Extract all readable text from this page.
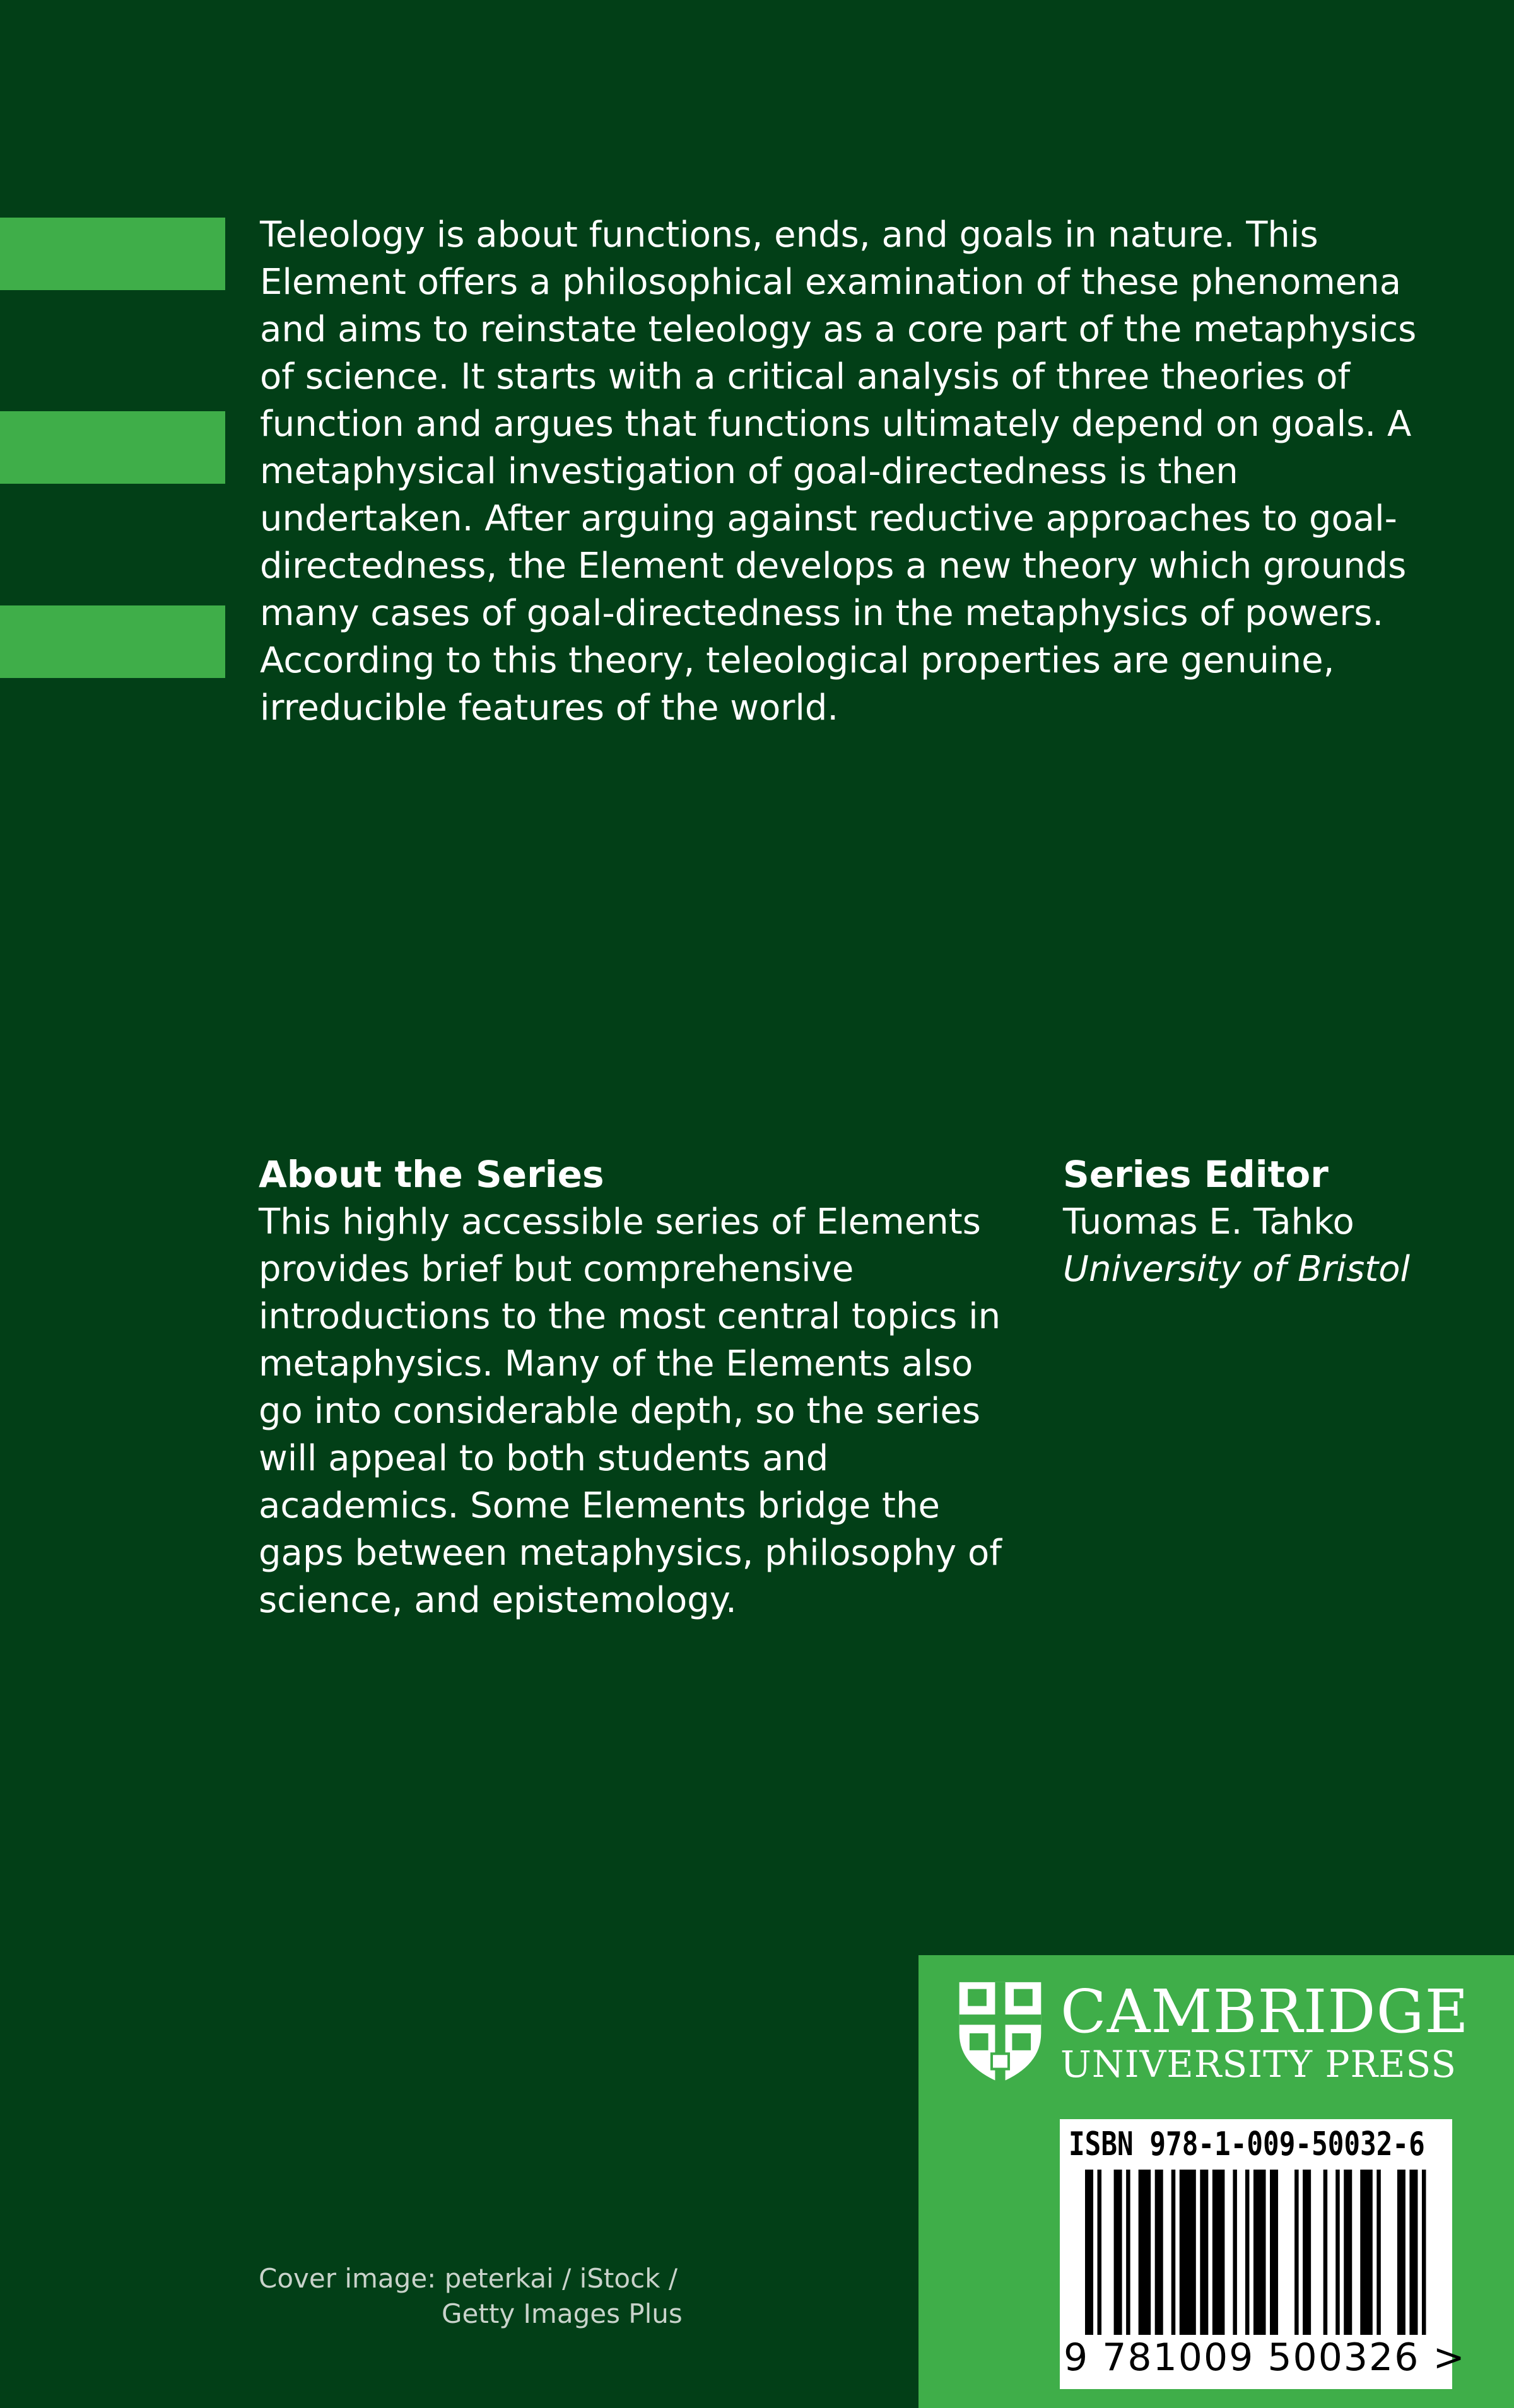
Teleology is about functions, ends, and goals in nature. This Element offers a philosophical examination of these phenomena and aims to reinstate teleology as a core part of the metaphysics of science. It starts with a critical analysis of three theories of function and argues that functions ultimately depend on goals. A metaphysical investigation of goal-directedness is then undertaken. After arguing against reductive approaches to goal-directedness, the Element develops a new theory which grounds many cases of goal-directedness in the metaphysics of powers. According to this theory, teleological properties are genuine, irreducible features of the world.

About the Series

This highly accessible series of Elements provides brief but comprehensive introductions to the most central topics in metaphysics. Many of the Elements also go into considerable depth, so the series will appeal to both students and academics. Some Elements bridge the gaps between metaphysics, philosophy of science, and epistemology.

Series Editor

Tuomas E. Tahko

University of Bristol

Cover image: peterkai / iStock /
Getty Images Plus
CAMBRIDGE
UNIVERSITY PRESS
ISBN 978-1-009-50032-6
9 781009 500326 >
